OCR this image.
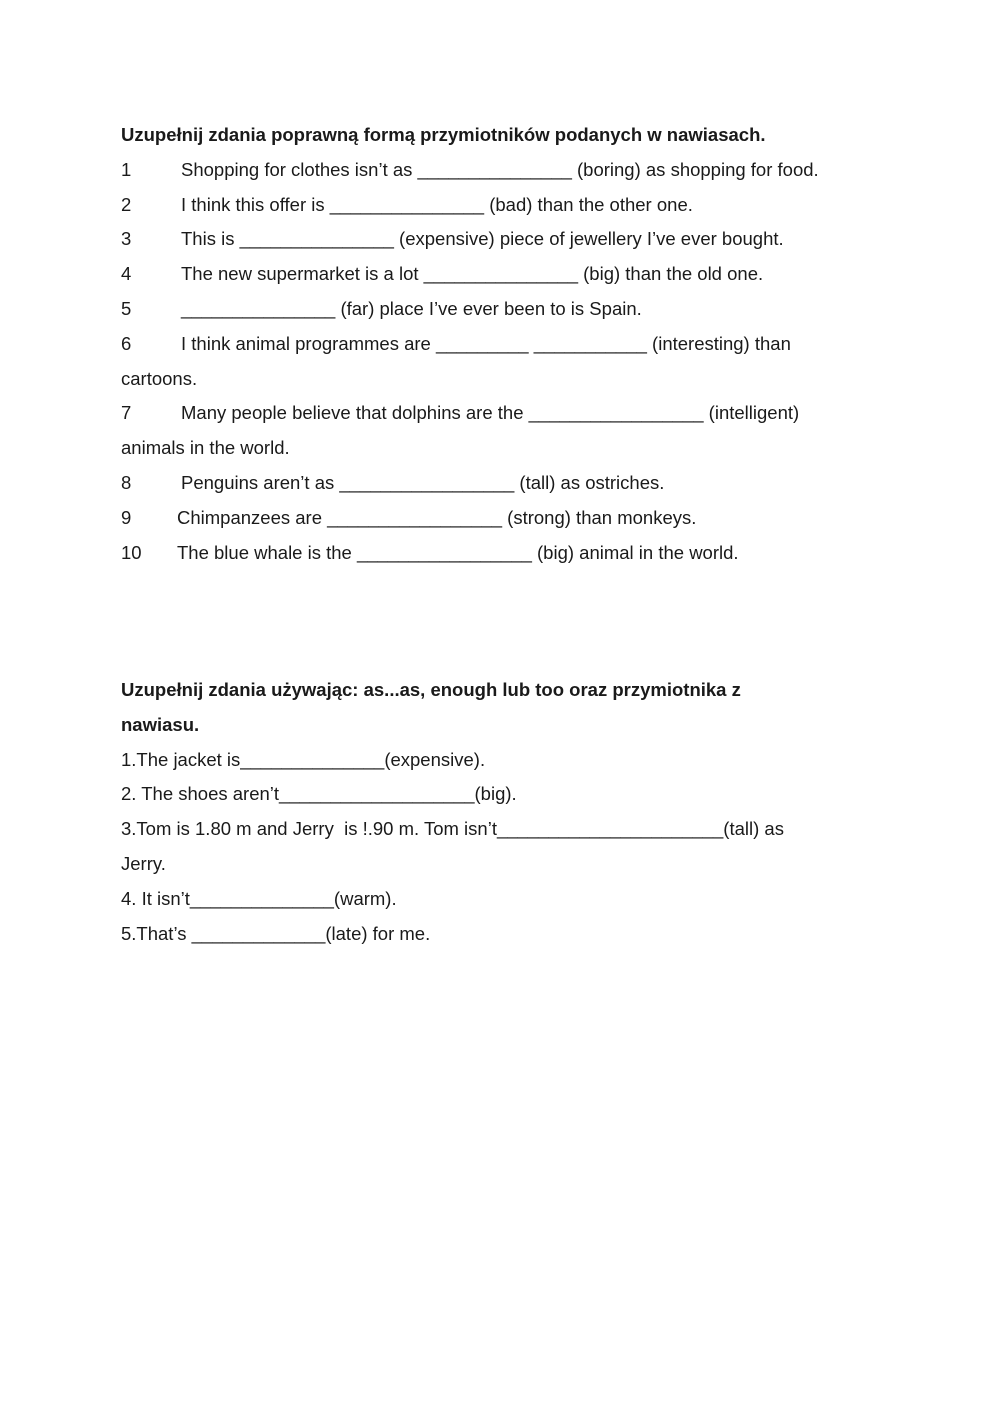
Uzupełnij zdania poprawną formą przymiotników podanych w nawiasach.

1	Shopping for clothes isn’t as _______________ (boring) as shopping for food.
2	I think this offer is _______________ (bad) than the other one.
3	This is _______________ (expensive) piece of jewellery I’ve ever bought.
4	The new supermarket is a lot _______________ (big) than the old one.
5	_______________ (far) place I’ve ever been to is Spain.
6	I think animal programmes are _________ ___________ (interesting) than
cartoons.
7	Many people believe that dolphins are the _________________ (intelligent)
animals in the world.
8	Penguins aren’t as _________________ (tall) as ostriches.
9	Chimpanzees are _________________ (strong) than monkeys.
10	The blue whale is the _________________ (big) animal in the world.
Uzupełnij zdania używając: as...as, enough lub too oraz przymiotnika z
nawiasu.
1.The jacket is______________(expensive).
2. The shoes aren’t___________________(big).
3.Tom is 1.80 m and Jerry  is !.90 m. Tom isn’t______________________(tall) as
Jerry.
4. It isn’t______________(warm).
5.That’s _____________(late) for me.
